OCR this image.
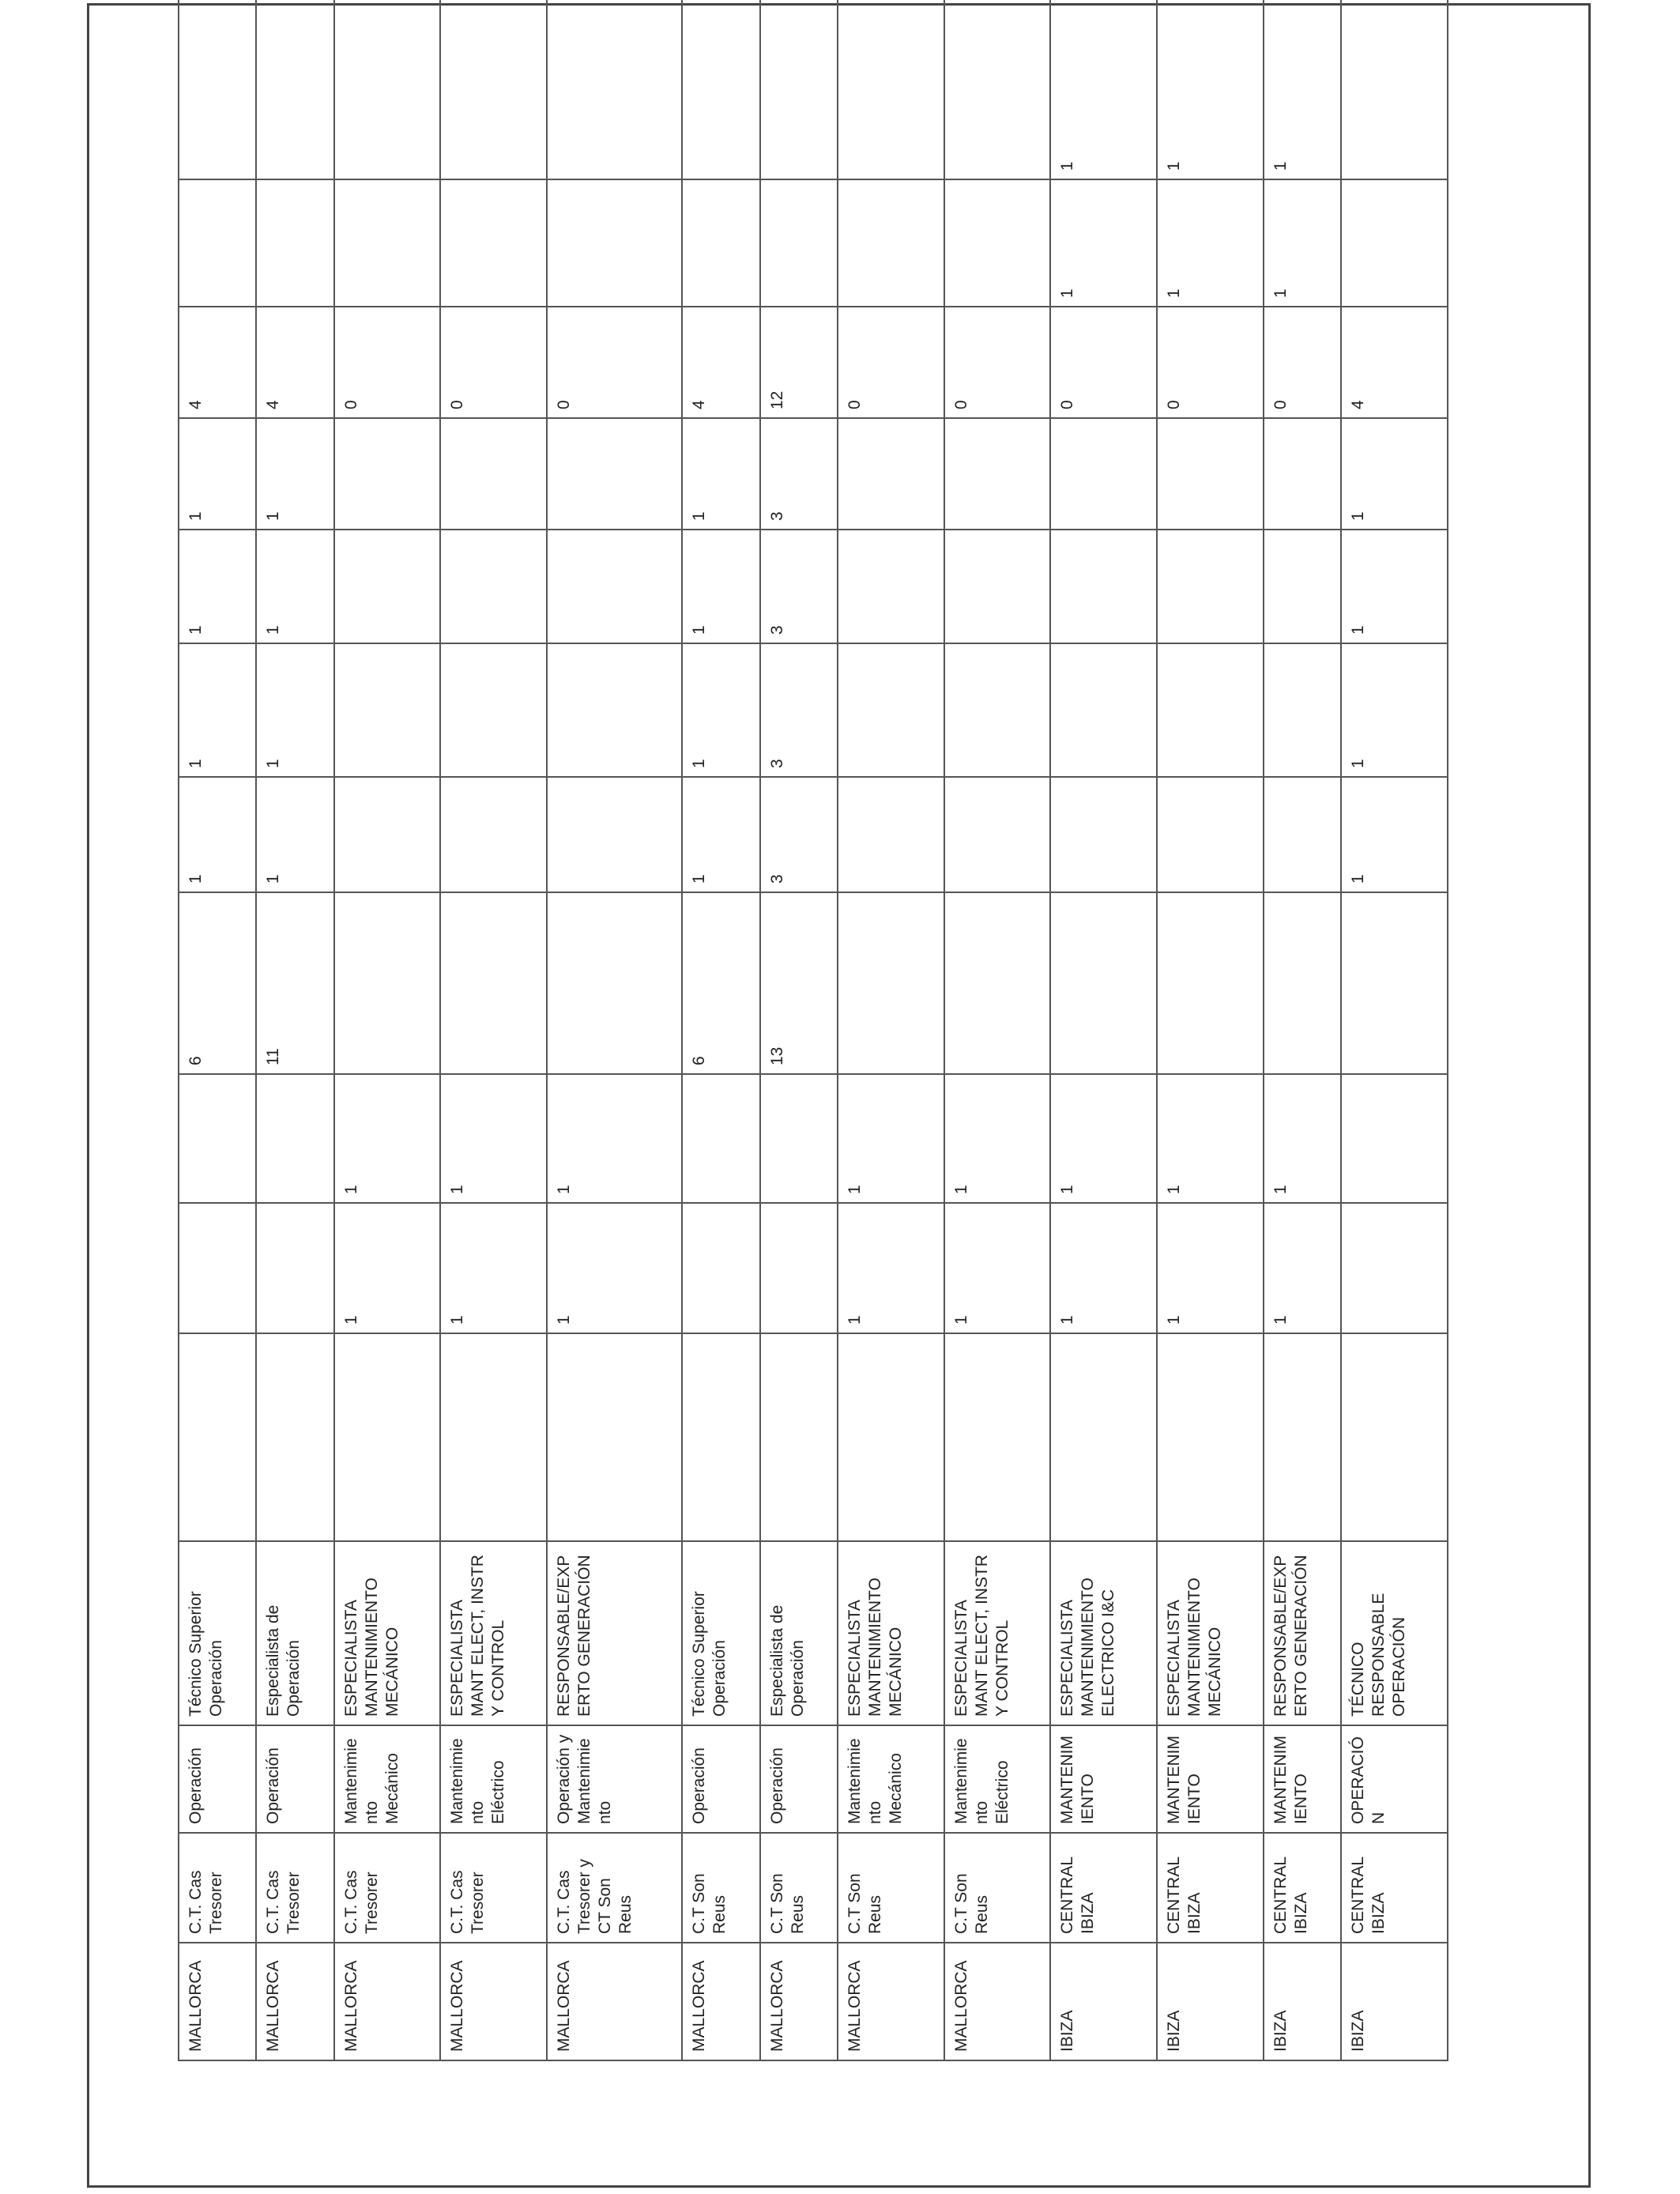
MALLORCA	C.T. Cas Tresorer	Operación	Técnico Superior Operación				6	1	1	1	1	4				
MALLORCA	C.T. Cas Tresorer	Operación	Especialista de Operación				11	1	1	1	1	4				
MALLORCA	C.T. Cas Tresorer	Mantenimiento Mecánico	ESPECIALISTA MANTENIMIENTO MECÁNICO		1	1						0				
MALLORCA	C.T. Cas Tresorer	Mantenimiento Eléctrico	ESPECIALISTA MANT ELECT, INSTR Y CONTROL		1	1						0				
MALLORCA	C.T. Cas Tresorer y CT Son Reus	Operación y Mantenimiento	RESPONSABLE/EXPERTO GENERACIÓN		1	1						0				
MALLORCA	C.T Son Reus	Operación	Técnico Superior Operación				6	1	1	1	1	4				
MALLORCA	C.T Son Reus	Operación	Especialista de Operación				13	3	3	3	3	12				
MALLORCA	C.T Son Reus	Mantenimiento Mecánico	ESPECIALISTA MANTENIMIENTO MECÁNICO		1	1						0				
MALLORCA	C.T Son Reus	Mantenimiento Eléctrico	ESPECIALISTA MANT ELECT, INSTR Y CONTROL		1	1						0				
IBIZA	CENTRAL IBIZA	MANTENIMIENTO	ESPECIALISTA MANTENIMIENTO ELECTRICO I&C		1	1						0	1	1		
IBIZA	CENTRAL IBIZA	MANTENIMIENTO	ESPECIALISTA MANTENIMIENTO MECÁNICO		1	1						0	1	1		
IBIZA	CENTRAL IBIZA	MANTENIMIENTO	RESPONSABLE/EXPERTO GENERACIÓN		1	1						0	1	1		
IBIZA	CENTRAL IBIZA	OPERACIÓN	TÉCNICO RESPONSABLE OPERACIÓN					1	1	1	1	4				
